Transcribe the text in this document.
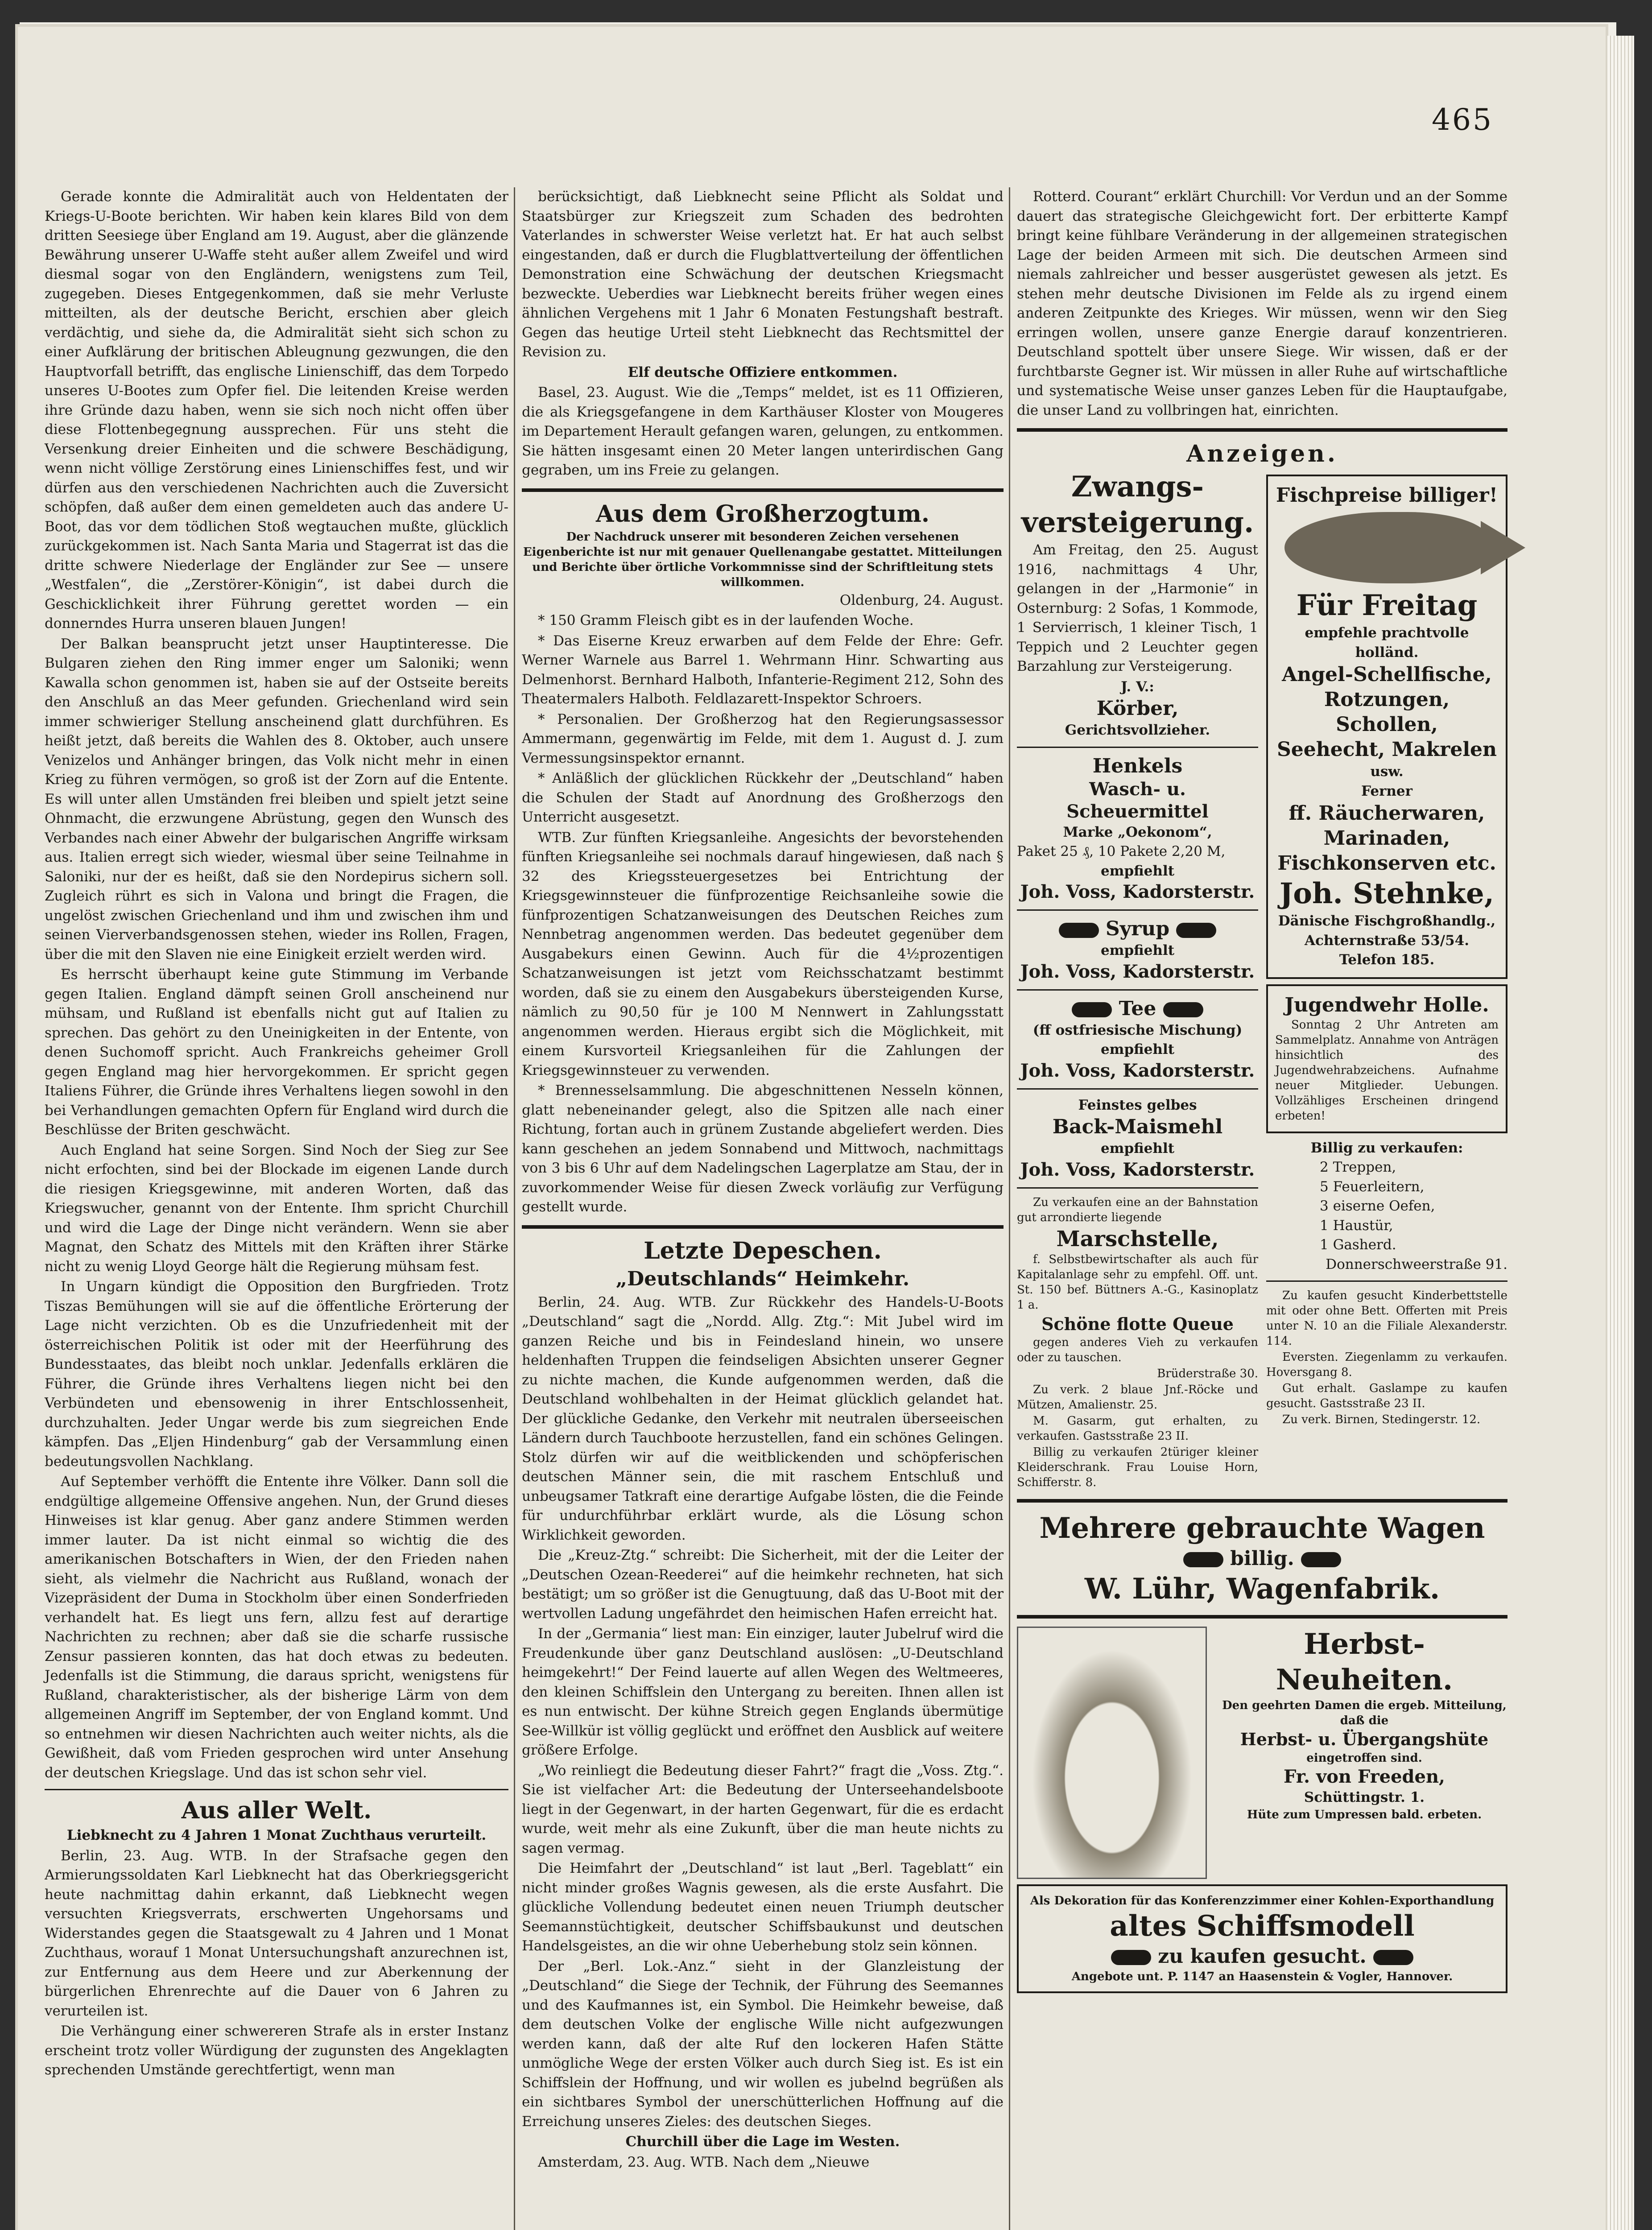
465

Gerade konnte die Admiralität auch von Heldentaten der Kriegs-U-Boote berichten. Wir haben kein klares Bild von dem dritten Seesiege über England am 19. August, aber die glänzende Bewährung unserer U-Waffe steht außer allem Zweifel und wird diesmal sogar von den Engländern, wenigstens zum Teil, zugegeben. Dieses Entgegenkommen, daß sie mehr Verluste mitteilten, als der deutsche Bericht, erschien aber gleich verdächtig, und siehe da, die Admiralität sieht sich schon zu einer Aufklärung der britischen Ableugnung gezwungen, die den Hauptvorfall betrifft, das englische Linienschiff, das dem Torpedo unseres U-Bootes zum Opfer fiel. Die leitenden Kreise werden ihre Gründe dazu haben, wenn sie sich noch nicht offen über diese Flottenbegegnung aussprechen. Für uns steht die Versenkung dreier Einheiten und die schwere Beschädigung, wenn nicht völlige Zerstörung eines Linienschiffes fest, und wir dürfen aus den verschiedenen Nachrichten auch die Zuversicht schöpfen, daß außer dem einen gemeldeten auch das andere U-Boot, das vor dem tödlichen Stoß wegtauchen mußte, glücklich zurückgekommen ist. Nach Santa Maria und Stagerrat ist das die dritte schwere Niederlage der Engländer zur See — unsere „Westfalen“, die „Zerstörer-Königin“, ist dabei durch die Geschicklichkeit ihrer Führung gerettet worden — ein donnerndes Hurra unseren blauen Jungen!

Der Balkan beansprucht jetzt unser Hauptinteresse. Die Bulgaren ziehen den Ring immer enger um Saloniki; wenn Kawalla schon genommen ist, haben sie auf der Ostseite bereits den Anschluß an das Meer gefunden. Griechenland wird sein immer schwieriger Stellung anscheinend glatt durchführen. Es heißt jetzt, daß bereits die Wahlen des 8. Oktober, auch unsere Venizelos und Anhänger bringen, das Volk nicht mehr in einen Krieg zu führen vermögen, so groß ist der Zorn auf die Entente. Es will unter allen Umständen frei bleiben und spielt jetzt seine Ohnmacht, die erzwungene Abrüstung, gegen den Wunsch des Verbandes nach einer Abwehr der bulgarischen Angriffe wirksam aus. Italien erregt sich wieder, wiesmal über seine Teilnahme in Saloniki, nur der es heißt, daß sie den Nordepirus sichern soll. Zugleich rührt es sich in Valona und bringt die Fragen, die ungelöst zwischen Griechenland und ihm und zwischen ihm und seinen Vierverbandsgenossen stehen, wieder ins Rollen, Fragen, über die mit den Slaven nie eine Einigkeit erzielt werden wird.

Es herrscht überhaupt keine gute Stimmung im Verbande gegen Italien. England dämpft seinen Groll anscheinend nur mühsam, und Rußland ist ebenfalls nicht gut auf Italien zu sprechen. Das gehört zu den Uneinigkeiten in der Entente, von denen Suchomoff spricht. Auch Frankreichs geheimer Groll gegen England mag hier hervorgekommen. Er spricht gegen Italiens Führer, die Gründe ihres Verhaltens liegen sowohl in den bei Verhandlungen gemachten Opfern für England wird durch die Beschlüsse der Briten geschwächt.

Auch England hat seine Sorgen. Sind Noch der Sieg zur See nicht erfochten, sind bei der Blockade im eigenen Lande durch die riesigen Kriegsgewinne, mit anderen Worten, daß das Kriegswucher, genannt von der Entente. Ihm spricht Churchill und wird die Lage der Dinge nicht verändern. Wenn sie aber Magnat, den Schatz des Mittels mit den Kräften ihrer Stärke nicht zu wenig Lloyd George hält die Regierung mühsam fest.

In Ungarn kündigt die Opposition den Burgfrieden. Trotz Tiszas Bemühungen will sie auf die öffentliche Erörterung der Lage nicht verzichten. Ob es die Unzufriedenheit mit der österreichischen Politik ist oder mit der Heerführung des Bundesstaates, das bleibt noch unklar. Jedenfalls erklären die Führer, die Gründe ihres Verhaltens liegen nicht bei den Verbündeten und ebensowenig in ihrer Entschlossenheit, durchzuhalten. Jeder Ungar werde bis zum siegreichen Ende kämpfen. Das „Eljen Hindenburg“ gab der Versammlung einen bedeutungsvollen Nachklang.

Auf September verhöfft die Entente ihre Völker. Dann soll die endgültige allgemeine Offensive angehen. Nun, der Grund dieses Hinweises ist klar genug. Aber ganz andere Stimmen werden immer lauter. Da ist nicht einmal so wichtig die des amerikanischen Botschafters in Wien, der den Frieden nahen sieht, als vielmehr die Nachricht aus Rußland, wonach der Vizepräsident der Duma in Stockholm über einen Sonderfrieden verhandelt hat. Es liegt uns fern, allzu fest auf derartige Nachrichten zu rechnen; aber daß sie die scharfe russische Zensur passieren konnten, das hat doch etwas zu bedeuten. Jedenfalls ist die Stimmung, die daraus spricht, wenigstens für Rußland, charakteristischer, als der bisherige Lärm von dem allgemeinen Angriff im September, der von England kommt. Und so entnehmen wir diesen Nachrichten auch weiter nichts, als die Gewißheit, daß vom Frieden gesprochen wird unter Ansehung der deutschen Kriegslage. Und das ist schon sehr viel.

Aus aller Welt.

Liebknecht zu 4 Jahren 1 Monat Zuchthaus verurteilt.

Berlin, 23. Aug. WTB. In der Strafsache gegen den Armierungssoldaten Karl Liebknecht hat das Oberkriegsgericht heute nachmittag dahin erkannt, daß Liebknecht wegen versuchten Kriegsverrats, erschwerten Ungehorsams und Widerstandes gegen die Staatsgewalt zu 4 Jahren und 1 Monat Zuchthaus, worauf 1 Monat Untersuchungshaft anzurechnen ist, zur Entfernung aus dem Heere und zur Aberkennung der bürgerlichen Ehrenrechte auf die Dauer von 6 Jahren zu verurteilen ist.

Die Verhängung einer schwereren Strafe als in erster Instanz erscheint trotz voller Würdigung der zugunsten des Angeklagten sprechenden Umstände gerechtfertigt, wenn man

berücksichtigt, daß Liebknecht seine Pflicht als Soldat und Staatsbürger zur Kriegszeit zum Schaden des bedrohten Vaterlandes in schwerster Weise verletzt hat. Er hat auch selbst eingestanden, daß er durch die Flugblattverteilung der öffentlichen Demonstration eine Schwächung der deutschen Kriegsmacht bezweckte. Ueberdies war Liebknecht bereits früher wegen eines ähnlichen Vergehens mit 1 Jahr 6 Monaten Festungshaft bestraft. Gegen das heutige Urteil steht Liebknecht das Rechtsmittel der Revision zu.

Elf deutsche Offiziere entkommen.

Basel, 23. August. Wie die „Temps“ meldet, ist es 11 Offizieren, die als Kriegsgefangene in dem Karthäuser Kloster von Mougeres im Departement Herault gefangen waren, gelungen, zu entkommen. Sie hätten insgesamt einen 20 Meter langen unterirdischen Gang gegraben, um ins Freie zu gelangen.

Aus dem Großherzogtum.

Der Nachdruck unserer mit besonderen Zeichen versehenen Eigenberichte ist nur mit genauer Quellenangabe gestattet. Mitteilungen und Berichte über örtliche Vorkommnisse sind der Schriftleitung stets willkommen.

Oldenburg, 24. August.

* 150 Gramm Fleisch gibt es in der laufenden Woche.

* Das Eiserne Kreuz erwarben auf dem Felde der Ehre: Gefr. Werner Warnele aus Barrel 1. Wehrmann Hinr. Schwarting aus Delmenhorst. Bernhard Halboth, Infanterie-Regiment 212, Sohn des Theatermalers Halboth. Feldlazarett-Inspektor Schroers.

* Personalien. Der Großherzog hat den Regierungsassessor Ammermann, gegenwärtig im Felde, mit dem 1. August d. J. zum Vermessungsinspektor ernannt.

* Anläßlich der glücklichen Rückkehr der „Deutschland“ haben die Schulen der Stadt auf Anordnung des Großherzogs den Unterricht ausgesetzt.

WTB. Zur fünften Kriegsanleihe. Angesichts der bevorstehenden fünften Kriegsanleihe sei nochmals darauf hingewiesen, daß nach § 32 des Kriegssteuergesetzes bei Entrichtung der Kriegsgewinnsteuer die fünfprozentige Reichsanleihe sowie die fünfprozentigen Schatzanweisungen des Deutschen Reiches zum Nennbetrag angenommen werden. Das bedeutet gegenüber dem Ausgabekurs einen Gewinn. Auch für die 4½prozentigen Schatzanweisungen ist jetzt vom Reichsschatzamt bestimmt worden, daß sie zu einem den Ausgabekurs übersteigenden Kurse, nämlich zu 90,50 für je 100 M Nennwert in Zahlungsstatt angenommen werden. Hieraus ergibt sich die Möglichkeit, mit einem Kursvorteil Kriegsanleihen für die Zahlungen der Kriegsgewinnsteuer zu verwenden.

* Brennesselsammlung. Die abgeschnittenen Nesseln können, glatt nebeneinander gelegt, also die Spitzen alle nach einer Richtung, fortan auch in grünem Zustande abgeliefert werden. Dies kann geschehen an jedem Sonnabend und Mittwoch, nachmittags von 3 bis 6 Uhr auf dem Nadelingschen Lagerplatze am Stau, der in zuvorkommender Weise für diesen Zweck vorläufig zur Verfügung gestellt wurde.

Letzte Depeschen.

„Deutschlands“ Heimkehr.

Berlin, 24. Aug. WTB. Zur Rückkehr des Handels-U-Boots „Deutschland“ sagt die „Nordd. Allg. Ztg.“: Mit Jubel wird im ganzen Reiche und bis in Feindesland hinein, wo unsere heldenhaften Truppen die feindseligen Absichten unserer Gegner zu nichte machen, die Kunde aufgenommen werden, daß die Deutschland wohlbehalten in der Heimat glücklich gelandet hat. Der glückliche Gedanke, den Verkehr mit neutralen überseeischen Ländern durch Tauchboote herzustellen, fand ein schönes Gelingen. Stolz dürfen wir auf die weitblickenden und schöpferischen deutschen Männer sein, die mit raschem Entschluß und unbeugsamer Tatkraft eine derartige Aufgabe lösten, die die Feinde für undurchführbar erklärt wurde, als die Lösung schon Wirklichkeit geworden.

Die „Kreuz-Ztg.“ schreibt: Die Sicherheit, mit der die Leiter der „Deutschen Ozean-Reederei“ auf die heimkehr rechneten, hat sich bestätigt; um so größer ist die Genugtuung, daß das U-Boot mit der wertvollen Ladung ungefährdet den heimischen Hafen erreicht hat.

In der „Germania“ liest man: Ein einziger, lauter Jubelruf wird die Freudenkunde über ganz Deutschland auslösen: „U-Deutschland heimgekehrt!“ Der Feind lauerte auf allen Wegen des Weltmeeres, den kleinen Schiffslein den Untergang zu bereiten. Ihnen allen ist es nun entwischt. Der kühne Streich gegen Englands übermütige See-Willkür ist völlig geglückt und eröffnet den Ausblick auf weitere größere Erfolge.

„Wo reinliegt die Bedeutung dieser Fahrt?“ fragt die „Voss. Ztg.“. Sie ist vielfacher Art: die Bedeutung der Unterseehandelsboote liegt in der Gegenwart, in der harten Gegenwart, für die es erdacht wurde, weit mehr als eine Zukunft, über die man heute nichts zu sagen vermag.

Die Heimfahrt der „Deutschland“ ist laut „Berl. Tageblatt“ ein nicht minder großes Wagnis gewesen, als die erste Ausfahrt. Die glückliche Vollendung bedeutet einen neuen Triumph deutscher Seemannstüchtigkeit, deutscher Schiffsbaukunst und deutschen Handelsgeistes, an die wir ohne Ueberhebung stolz sein können.

Der „Berl. Lok.-Anz.“ sieht in der Glanzleistung der „Deutschland“ die Siege der Technik, der Führung des Seemannes und des Kaufmannes ist, ein Symbol. Die Heimkehr beweise, daß dem deutschen Volke der englische Wille nicht aufgezwungen werden kann, daß der alte Ruf den lockeren Hafen Stätte unmögliche Wege der ersten Völker auch durch Sieg ist. Es ist ein Schiffslein der Hoffnung, und wir wollen es jubelnd begrüßen als ein sichtbares Symbol der unerschütterlichen Hoffnung auf die Erreichung unseres Zieles: des deutschen Sieges.

Churchill über die Lage im Westen.

Amsterdam, 23. Aug. WTB. Nach dem „Nieuwe

Rotterd. Courant“ erklärt Churchill: Vor Verdun und an der Somme dauert das strategische Gleichgewicht fort. Der erbitterte Kampf bringt keine fühlbare Veränderung in der allgemeinen strategischen Lage der beiden Armeen mit sich. Die deutschen Armeen sind niemals zahlreicher und besser ausgerüstet gewesen als jetzt. Es stehen mehr deutsche Divisionen im Felde als zu irgend einem anderen Zeitpunkte des Krieges. Wir müssen, wenn wir den Sieg erringen wollen, unsere ganze Energie darauf konzentrieren. Deutschland spottelt über unsere Siege. Wir wissen, daß er der furchtbarste Gegner ist. Wir müssen in aller Ruhe auf wirtschaftliche und systematische Weise unser ganzes Leben für die Hauptaufgabe, die unser Land zu vollbringen hat, einrichten.

Anzeigen.

Zwangs-versteigerung.

Am Freitag, den 25. August 1916, nachmittags 4 Uhr, gelangen in der „Harmonie“ in Osternburg: 2 Sofas, 1 Kommode, 1 Servierrisch, 1 kleiner Tisch, 1 Teppich und 2 Leuchter gegen Barzahlung zur Versteigerung.

J. V.:
Körber,
Gerichtsvollzieher.
Henkels
Wasch- u. Scheuermittel
Marke „Oekonom“,
Paket 25 ₰, 10 Pakete 2,20 M,
empfiehlt
Joh. Voss, Kadorsterstr.
Syrup
empfiehlt
Joh. Voss, Kadorsterstr.
Tee
(ff ostfriesische Mischung)
empfiehlt
Joh. Voss, Kadorsterstr.
Feinstes gelbes
Back-Maismehl
empfiehlt
Joh. Voss, Kadorsterstr.

Zu verkaufen eine an der Bahnstation gut arrondierte liegende

Marschstelle,

f. Selbstbewirtschafter als auch für Kapitalanlage sehr zu empfehl. Off. unt. St. 150 bef. Büttners A.-G., Kasinoplatz 1 a.

Schöne flotte Queue

gegen anderes Vieh zu verkaufen oder zu tauschen.

Brüderstraße 30.

Zu verk. 2 blaue Jnf.-Röcke und Mützen, Amalienstr. 25.

M. Gasarm, gut erhalten, zu verkaufen. Gastsstraße 23 II.

Billig zu verkaufen 2türiger kleiner Kleiderschrank. Frau Louise Horn, Schifferstr. 8.

Fischpreise billiger!
Für Freitag
empfehle prachtvolle holländ.
Angel-Schellfische,
Rotzungen, Schollen,
Seehecht, Makrelen
usw.
Ferner
ff. Räucherwaren,
Marinaden,
Fischkonserven etc.
Joh. Stehnke,
Dänische Fischgroßhandlg.,
Achternstraße 53/54.
Telefon 185.
Jugendwehr Holle.

Sonntag 2 Uhr Antreten am Sammelplatz. Annahme von Anträgen hinsichtlich des Jugendwehrabzeichens. Aufnahme neuer Mitglieder. Uebungen. Vollzähliges Erscheinen dringend erbeten!

Billig zu verkaufen:
2 Treppen,
5 Feuerleitern,
3 eiserne Oefen,
1 Haustür,
1 Gasherd.
Donnerschweerstraße 91.

Zu kaufen gesucht Kinderbettstelle mit oder ohne Bett. Offerten mit Preis unter N. 10 an die Filiale Alexanderstr. 114.

Eversten. Ziegenlamm zu verkaufen. Hoversgang 8.

Gut erhalt. Gaslampe zu kaufen gesucht. Gastsstraße 23 II.

Zu verk. Birnen, Stedingerstr. 12.

Mehrere gebrauchte Wagen
billig.
W. Lühr, Wagenfabrik.
Herbst-
Neuheiten.
Den geehrten Damen die ergeb. Mitteilung, daß die
Herbst- u. Übergangshüte
eingetroffen sind.
Fr. von Freeden,
Schüttingstr. 1.
Hüte zum Umpressen bald. erbeten.
Als Dekoration für das Konferenzzimmer einer Kohlen-Exporthandlung
altes Schiffsmodell
zu kaufen gesucht.
Angebote unt. P. 1147 an Haasenstein & Vogler, Hannover.
